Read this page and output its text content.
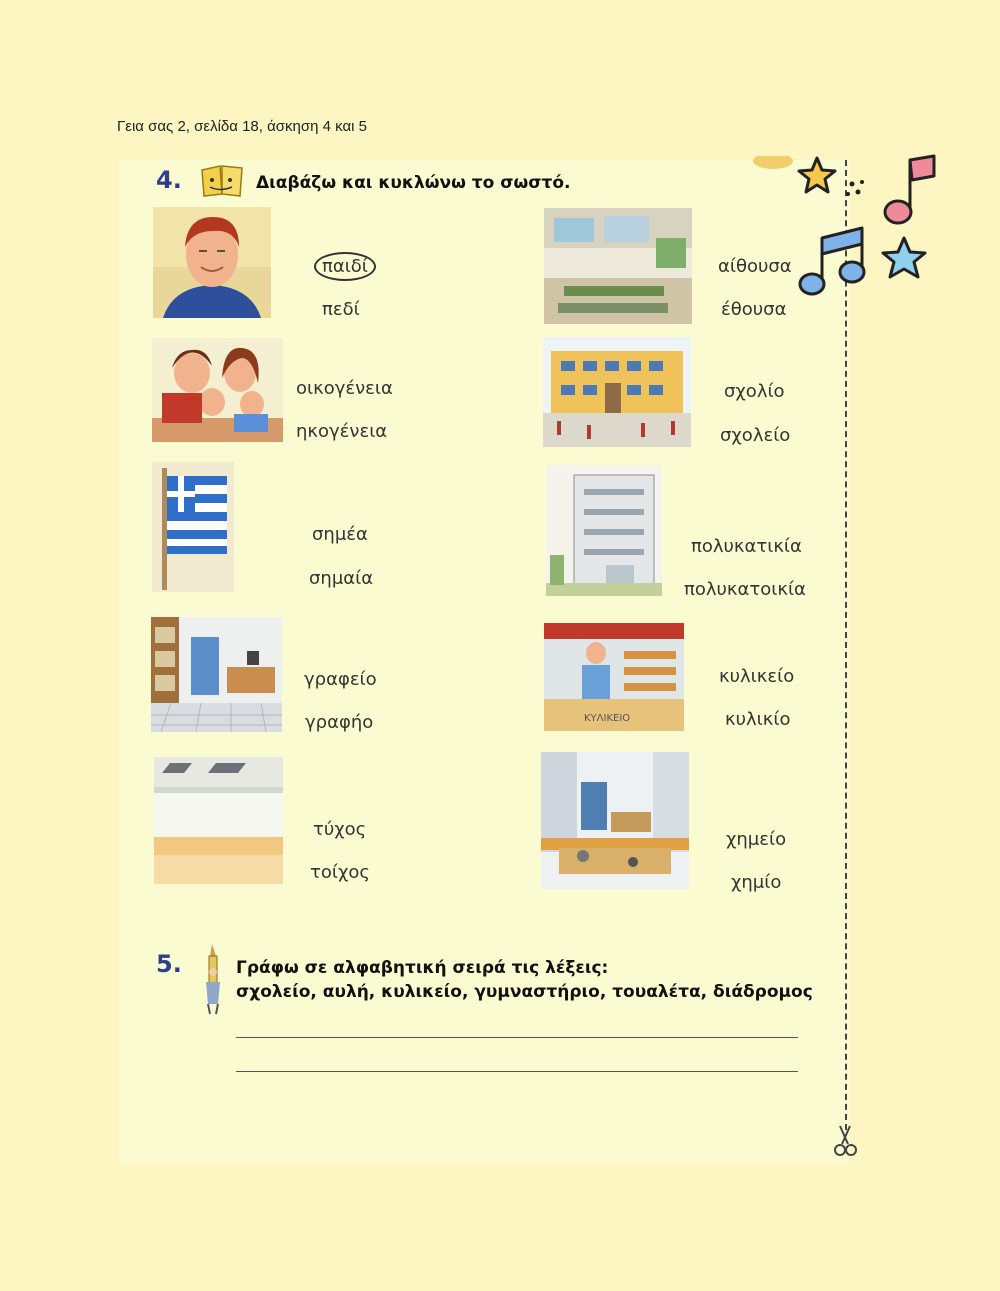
Γεια σας 2, σελίδα 18, άσκηση 4 και 5
4.	Διαβάζω και κυκλώνω το σωστό.
παιδί
πεδί
αίθουσα
έθουσα
οικογένεια
ηκογένεια
σχολίο
σχολείο
σημέα
σημαία
πολυκατικία
πολυκατοικία
γραφείο
γραφήο	ΚΥΛΙΚΕΙΟ
κυλικείο
κυλικίο
τύχος
τοίχος
χημείο
χημίο
5.	Γράφω σε αλφαβητική σειρά τις λέξεις:
σχολείο, αυλή, κυλικείο, γυμναστήριο, τουαλέτα, διάδρομος
